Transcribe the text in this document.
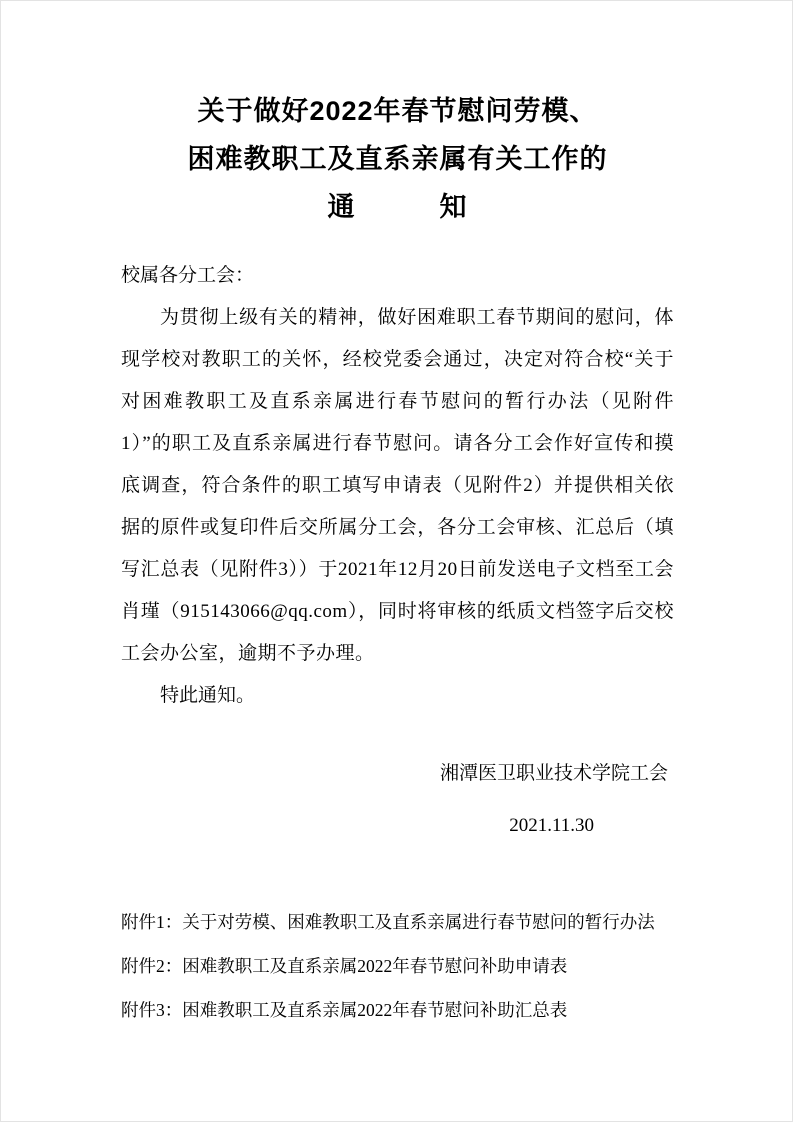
关于做好2022年春节慰问劳模、
困难教职工及直系亲属有关工作的
通　　　知
校属各分工会：
为贯彻上级有关的精神，做好困难职工春节期间的慰问，体现学校对教职工的关怀，经校党委会通过，决定对符合校“关于对困难教职工及直系亲属进行春节慰问的暂行办法（见附件1）”的职工及直系亲属进行春节慰问。请各分工会作好宣传和摸底调查，符合条件的职工填写申请表（见附件2）并提供相关依据的原件或复印件后交所属分工会，各分工会审核、汇总后（填写汇总表（见附件3））于2021年12月20日前发送电子文档至工会肖瑾（915143066@qq.com），同时将审核的纸质文档签字后交校工会办公室，逾期不予办理。
特此通知。
湘潭医卫职业技术学院工会
2021.11.30
附件1：关于对劳模、困难教职工及直系亲属进行春节慰问的暂行办法
附件2：困难教职工及直系亲属2022年春节慰问补助申请表
附件3：困难教职工及直系亲属2022年春节慰问补助汇总表
